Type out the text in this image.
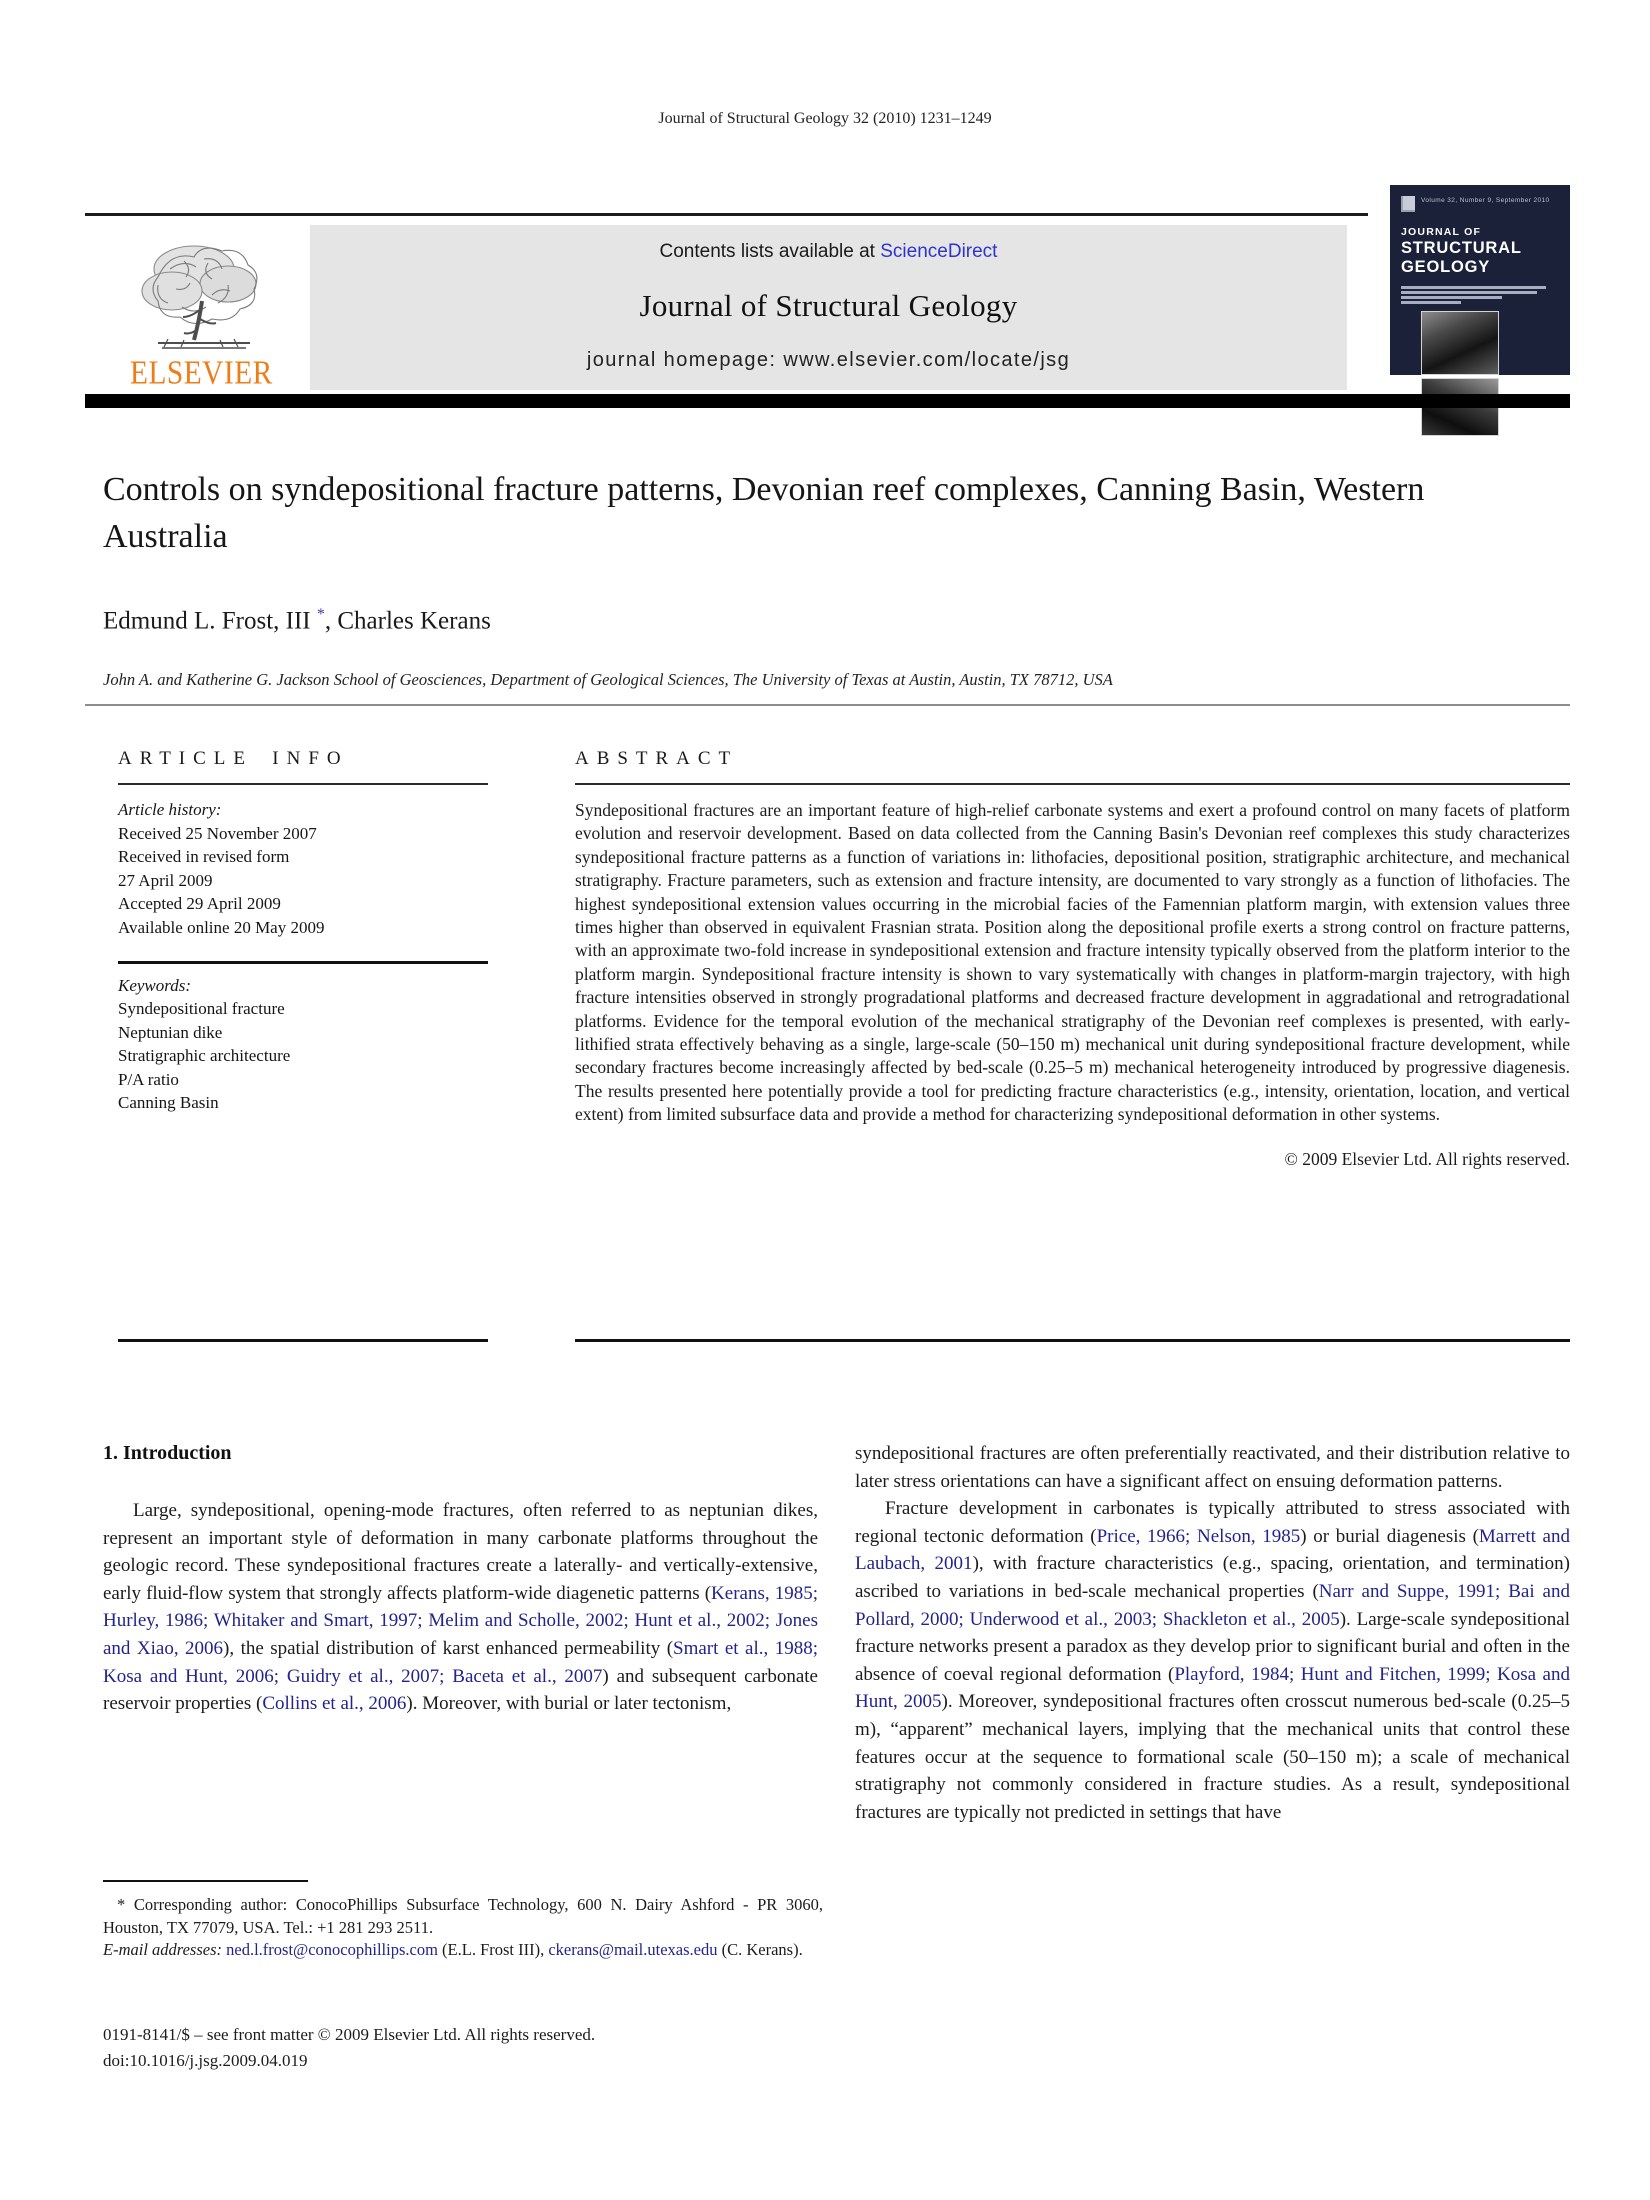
Journal of Structural Geology 32 (2010) 1231–1249
ELSEVIER
Contents lists available at ScienceDirect
Journal of Structural Geology
journal homepage: www.elsevier.com/locate/jsg
Volume 32, Number 9, September 2010
JOURNAL OF
STRUCTURAL
GEOLOGY
Controls on syndepositional fracture patterns, Devonian reef complexes, Canning Basin, Western Australia
Edmund L. Frost, III *, Charles Kerans
John A. and Katherine G. Jackson School of Geosciences, Department of Geological Sciences, The University of Texas at Austin, Austin, TX 78712, USA
ARTICLE INFO
Article history:
Received 25 November 2007
Received in revised form
27 April 2009
Accepted 29 April 2009
Available online 20 May 2009
Keywords:
Syndepositional fracture
Neptunian dike
Stratigraphic architecture
P/A ratio
Canning Basin
ABSTRACT
Syndepositional fractures are an important feature of high-relief carbonate systems and exert a profound control on many facets of platform evolution and reservoir development. Based on data collected from the Canning Basin's Devonian reef complexes this study characterizes syndepositional fracture patterns as a function of variations in: lithofacies, depositional position, stratigraphic architecture, and mechanical stratigraphy. Fracture parameters, such as extension and fracture intensity, are documented to vary strongly as a function of lithofacies. The highest syndepositional extension values occurring in the microbial facies of the Famennian platform margin, with extension values three times higher than observed in equivalent Frasnian strata. Position along the depositional profile exerts a strong control on fracture patterns, with an approximate two-fold increase in syndepositional extension and fracture intensity typically observed from the platform interior to the platform margin. Syndepositional fracture intensity is shown to vary systematically with changes in platform-margin trajectory, with high fracture intensities observed in strongly progradational platforms and decreased fracture development in aggradational and retrogradational platforms. Evidence for the temporal evolution of the mechanical stratigraphy of the Devonian reef complexes is presented, with early-lithified strata effectively behaving as a single, large-scale (50–150 m) mechanical unit during syndepositional fracture development, while secondary fractures become increasingly affected by bed-scale (0.25–5 m) mechanical heterogeneity introduced by progressive diagenesis. The results presented here potentially provide a tool for predicting fracture characteristics (e.g., intensity, orientation, location, and vertical extent) from limited subsurface data and provide a method for characterizing syndepositional deformation in other systems.
© 2009 Elsevier Ltd. All rights reserved.
1. Introduction

Large, syndepositional, opening-mode fractures, often referred to as neptunian dikes, represent an important style of deformation in many carbonate platforms throughout the geologic record. These syndepositional fractures create a laterally- and vertically-extensive, early fluid-flow system that strongly affects platform-wide diagenetic patterns (Kerans, 1985; Hurley, 1986; Whitaker and Smart, 1997; Melim and Scholle, 2002; Hunt et al., 2002; Jones and Xiao, 2006), the spatial distribution of karst enhanced permeability (Smart et al., 1988; Kosa and Hunt, 2006; Guidry et al., 2007; Baceta et al., 2007) and subsequent carbonate reservoir properties (Collins et al., 2006). Moreover, with burial or later tectonism,

syndepositional fractures are often preferentially reactivated, and their distribution relative to later stress orientations can have a significant affect on ensuing deformation patterns.

Fracture development in carbonates is typically attributed to stress associated with regional tectonic deformation (Price, 1966; Nelson, 1985) or burial diagenesis (Marrett and Laubach, 2001), with fracture characteristics (e.g., spacing, orientation, and termination) ascribed to variations in bed-scale mechanical properties (Narr and Suppe, 1991; Bai and Pollard, 2000; Underwood et al., 2003; Shackleton et al., 2005). Large-scale syndepositional fracture networks present a paradox as they develop prior to significant burial and often in the absence of coeval regional deformation (Playford, 1984; Hunt and Fitchen, 1999; Kosa and Hunt, 2005). Moreover, syndepositional fractures often crosscut numerous bed-scale (0.25–5 m), “apparent” mechanical layers, implying that the mechanical units that control these features occur at the sequence to formational scale (50–150 m); a scale of mechanical stratigraphy not commonly considered in fracture studies. As a result, syndepositional fractures are typically not predicted in settings that have

* Corresponding author: ConocoPhillips Subsurface Technology, 600 N. Dairy Ashford - PR 3060, Houston, TX 77079, USA. Tel.: +1 281 293 2511.

E-mail addresses: ned.l.frost@conocophillips.com (E.L. Frost III), ckerans@mail.utexas.edu (C. Kerans).

0191-8141/$ – see front matter © 2009 Elsevier Ltd. All rights reserved.
doi:10.1016/j.jsg.2009.04.019
